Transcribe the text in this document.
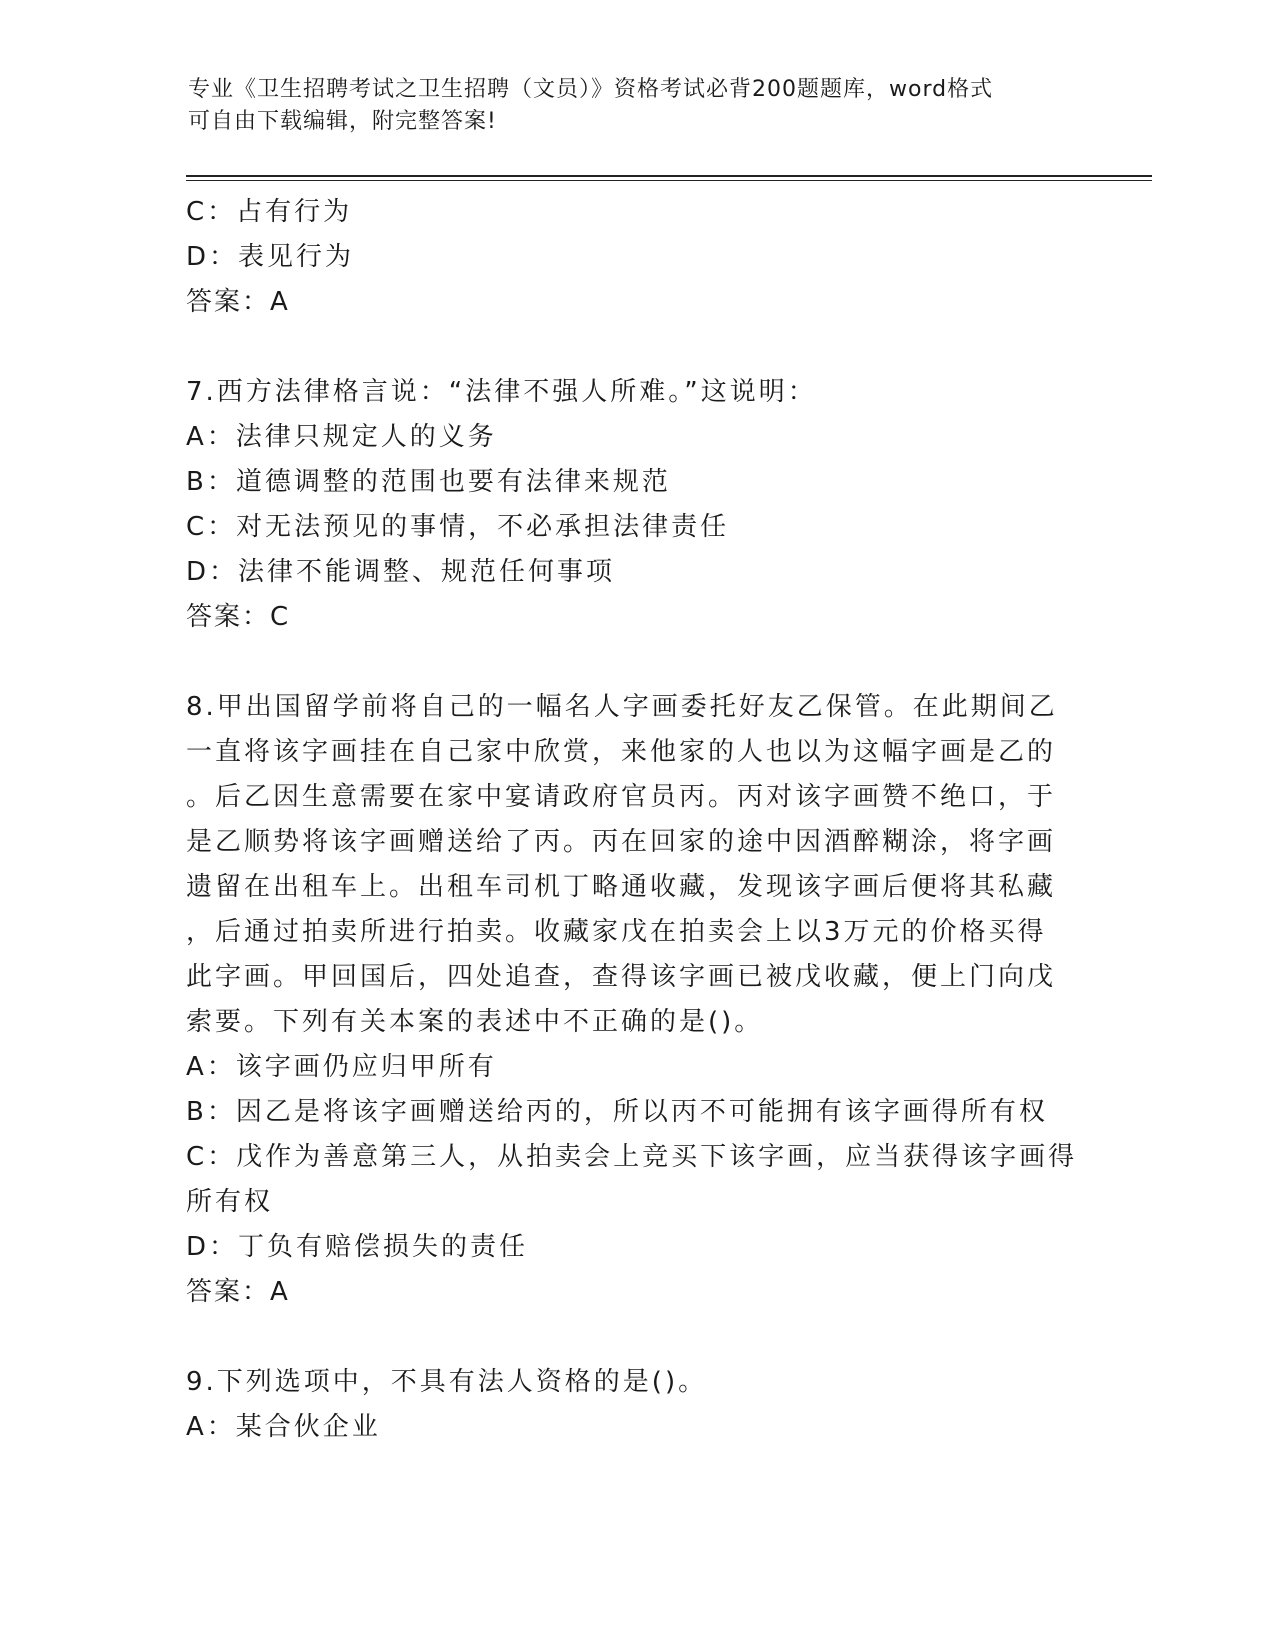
专业《卫生招聘考试之卫生招聘（文员）》资格考试必背200题题库，word格式
可自由下载编辑，附完整答案!
C：占有行为
D：表见行为
答案：A
7.西方法律格言说：“法律不强人所难。”这说明：
A：法律只规定人的义务
B：道德调整的范围也要有法律来规范
C：对无法预见的事情，不必承担法律责任
D：法律不能调整、规范任何事项
答案：C
8.甲出国留学前将自己的一幅名人字画委托好友乙保管。在此期间乙
一直将该字画挂在自己家中欣赏，来他家的人也以为这幅字画是乙的
。后乙因生意需要在家中宴请政府官员丙。丙对该字画赞不绝口，于
是乙顺势将该字画赠送给了丙。丙在回家的途中因酒醉糊涂，将字画
遗留在出租车上。出租车司机丁略通收藏，发现该字画后便将其私藏
，后通过拍卖所进行拍卖。收藏家戊在拍卖会上以3万元的价格买得
此字画。甲回国后，四处追查，查得该字画已被戊收藏，便上门向戊
索要。下列有关本案的表述中不正确的是()。
A：该字画仍应归甲所有
B：因乙是将该字画赠送给丙的，所以丙不可能拥有该字画得所有权
C：戊作为善意第三人，从拍卖会上竞买下该字画，应当获得该字画得
所有权
D：丁负有赔偿损失的责任
答案：A
9.下列选项中，不具有法人资格的是()。
A：某合伙企业
